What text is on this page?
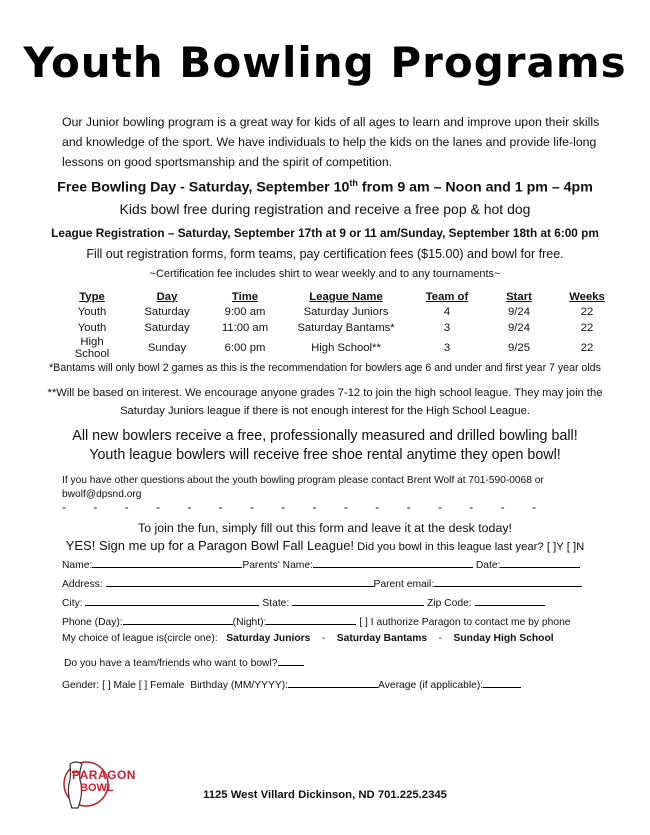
Youth Bowling Programs
Our Junior bowling program is a great way for kids of all ages to learn and improve upon their skills and knowledge of the sport. We have individuals to help the kids on the lanes and provide life-long lessons on good sportsmanship and the spirit of competition.
Free Bowling Day - Saturday, September 10th from 9 am – Noon and 1 pm – 4pm
Kids bowl free during registration and receive a free pop & hot dog
League Registration – Saturday, September 17th at 9 or 11 am/Sunday, September 18th at 6:00 pm
Fill out registration forms, form teams, pay certification fees ($15.00) and bowl for free.
~Certification fee includes shirt to wear weekly and to any tournaments~
Type	Day	Time	League Name	Team of	Start	Weeks
Youth	Saturday	9:00 am	Saturday Juniors	4	9/24	22
Youth	Saturday	11:00 am	Saturday Bantams*	3	9/24	22
High School	Sunday	6:00 pm	High School**	3	9/25	22
*Bantams will only bowl 2 games as this is the recommendation for bowlers age 6 and under and first year 7 year olds
**Will be based on interest. We encourage anyone grades 7-12 to join the high school league. They may join the Saturday Juniors league if there is not enough interest for the High School League.
All new bowlers receive a free, professionally measured and drilled bowling ball!
Youth league bowlers will receive free shoe rental anytime they open bowl!
If you have other questions about the youth bowling program please contact Brent Wolf at 701-590-0068 or bwolf@dpsnd.org
- - - - - - - - - - - - - - - -
To join the fun, simply fill out this form and leave it at the desk today!
YES! Sign me up for a Paragon Bowl Fall League! Did you bowl in this league last year? [ ]Y [ ]N
Name:	Parents' Name:	Date:
Address:	Parent email:
City:	State:	Zip Code:
Phone (Day):	(Night):	[ ] I authorize Paragon to contact me by phone
My choice of league is(circle one): Saturday Juniors - Saturday Bantams - Sunday High School
Do you have a team/friends who want to bowl?
Gender: [ ] Male [ ] Female Birthday (MM/YYYY):	Average (if applicable):
PARAGON
BOWL
1125 West Villard Dickinson, ND 701.225.2345
